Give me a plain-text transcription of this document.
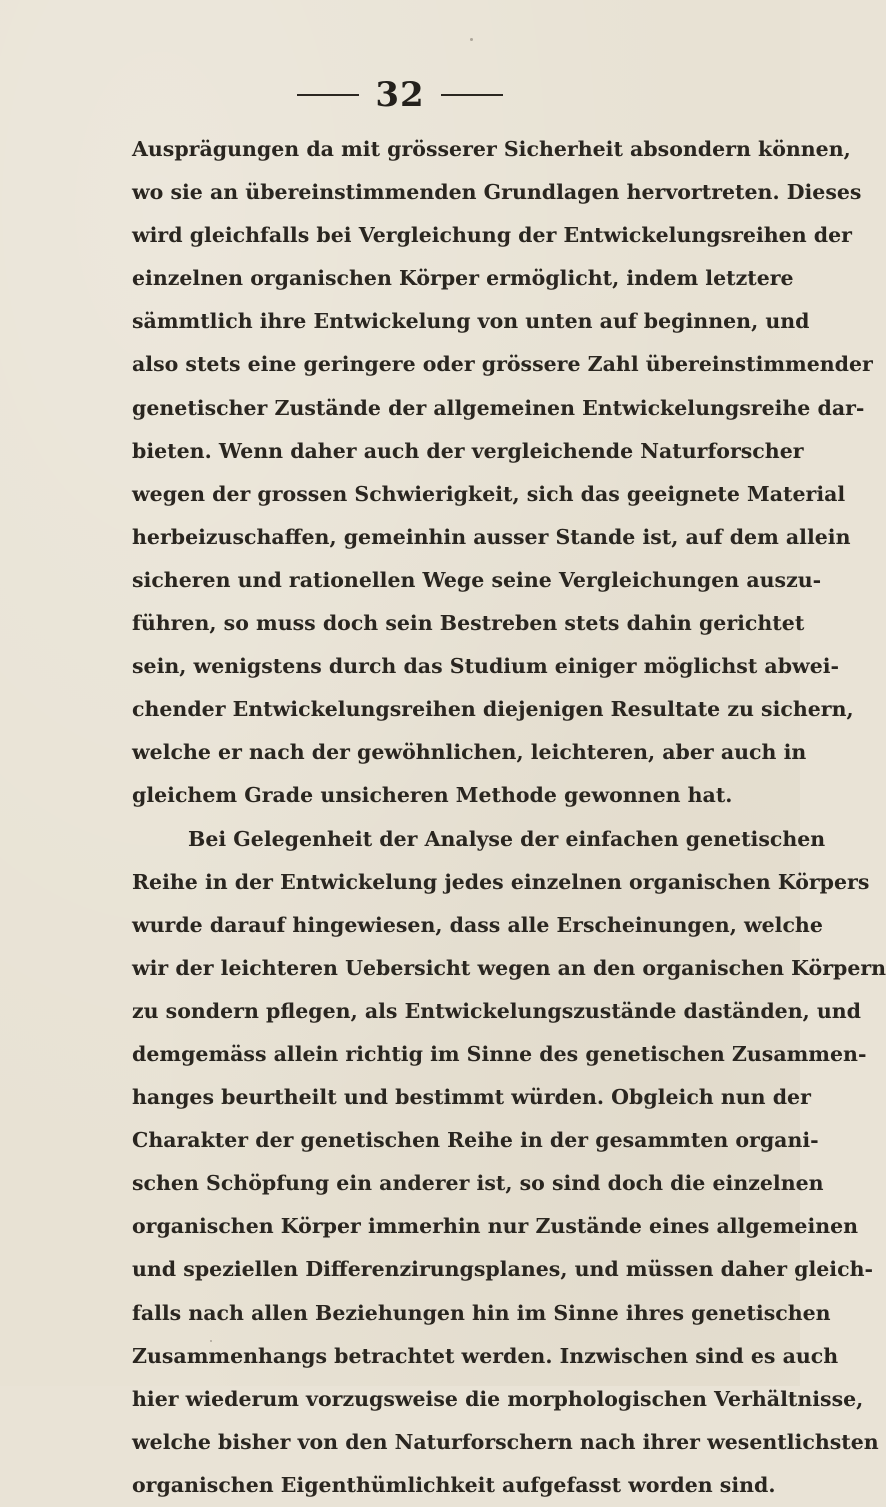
32
Ausprägungen da mit grösserer Sicherheit absondern können,
wo sie an übereinstimmenden Grundlagen hervortreten. Dieses
wird gleichfalls bei Vergleichung der Entwickelungsreihen der
einzelnen organischen Körper ermöglicht, indem letztere
sämmtlich ihre Entwickelung von unten auf beginnen, und
also stets eine geringere oder grössere Zahl übereinstimmender
genetischer Zustände der allgemeinen Entwickelungsreihe dar-
bieten. Wenn daher auch der vergleichende Naturforscher
wegen der grossen Schwierigkeit, sich das geeignete Material
herbeizuschaffen, gemeinhin ausser Stande ist, auf dem allein
sicheren und rationellen Wege seine Vergleichungen auszu-
führen, so muss doch sein Bestreben stets dahin gerichtet
sein, wenigstens durch das Studium einiger möglichst abwei-
chender Entwickelungsreihen diejenigen Resultate zu sichern,
welche er nach der gewöhnlichen, leichteren, aber auch in
gleichem Grade unsicheren Methode gewonnen hat.
Bei Gelegenheit der Analyse der einfachen genetischen
Reihe in der Entwickelung jedes einzelnen organischen Körpers
wurde darauf hingewiesen, dass alle Erscheinungen, welche
wir der leichteren Uebersicht wegen an den organischen Körpern
zu sondern pflegen, als Entwickelungszustände daständen, und
demgemäss allein richtig im Sinne des genetischen Zusammen-
hanges beurtheilt und bestimmt würden. Obgleich nun der
Charakter der genetischen Reihe in der gesammten organi-
schen Schöpfung ein anderer ist, so sind doch die einzelnen
organischen Körper immerhin nur Zustände eines allgemeinen
und speziellen Differenzirungsplanes, und müssen daher gleich-
falls nach allen Beziehungen hin im Sinne ihres genetischen
Zusammenhangs betrachtet werden. Inzwischen sind es auch
hier wiederum vorzugsweise die morphologischen Verhältnisse,
welche bisher von den Naturforschern nach ihrer wesentlichsten
organischen Eigenthümlichkeit aufgefasst worden sind.
